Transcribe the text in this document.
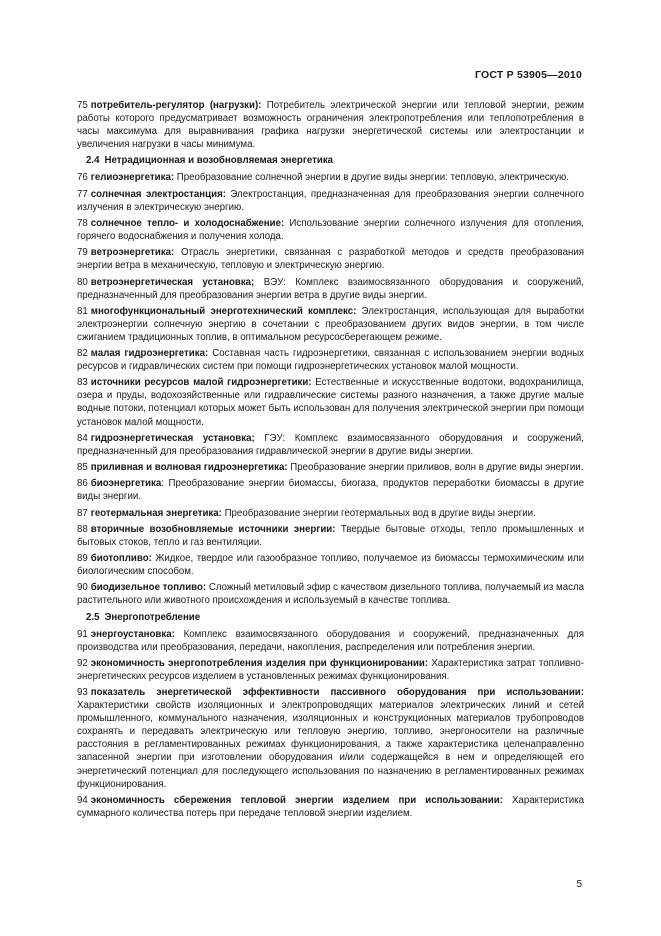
ГОСТ Р 53905—2010

75 потребитель-регулятор (нагрузки): Потребитель электрической энергии или тепловой энергии, режим работы которого предусматривает возможность ограничения электропотребления или теплопотребления в часы максимума для выравнивания графика нагрузки энергетической системы или электростанции и увеличения нагрузки в часы минимума.

2.4 Нетрадиционная и возобновляемая энергетика

76 гелиоэнергетика: Преобразование солнечной энергии в другие виды энергии: тепловую, электрическую.

77 солнечная электростанция: Электростанция, предназначенная для преобразования энергии солнечного излучения в электрическую энергию.

78 солнечное тепло- и холодоснабжение: Использование энергии солнечного излучения для отопления, горячего водоснабжения и получения холода.

79 ветроэнергетика: Отрасль энергетики, связанная с разработкой методов и средств преобразования энергии ветра в механическую, тепловую и электрическую энергию.

80 ветроэнергетическая установка; ВЭУ: Комплекс взаимосвязанного оборудования и сооружений, предназначенный для преобразования энергии ветра в другие виды энергии.

81 многофункциональный энерготехнический комплекс: Электростанция, использующая для выработки электроэнергии солнечную энергию в сочетании с преобразованием других видов энергии, в том числе сжиганием традиционных топлив, в оптимальном ресурсосберегающем режиме.

82 малая гидроэнергетика: Составная часть гидроэнергетики, связанная с использованием энергии водных ресурсов и гидравлических систем при помощи гидроэнергетических установок малой мощности.

83 источники ресурсов малой гидроэнергетики: Естественные и искусственные водотоки, водохранилища, озера и пруды, водохозяйственные или гидравлические системы разного назначения, а также другие малые водные потоки, потенциал которых может быть использован для получения электрической энергии при помощи установок малой мощности.

84 гидроэнергетическая установка; ГЭУ: Комплекс взаимосвязанного оборудования и сооружений, предназначенный для преобразования гидравлической энергии в другие виды энергии.

85 приливная и волновая гидроэнергетика: Преобразование энергии приливов, волн в другие виды энергии.

86 биоэнергетика: Преобразование энергии биомассы, биогаза, продуктов переработки биомассы в другие виды энергии.

87 геотермальная энергетика: Преобразование энергии геотермальных вод в другие виды энергии.

88 вторичные возобновляемые источники энергии: Твердые бытовые отходы, тепло промышленных и бытовых стоков, тепло и газ вентиляции.

89 биотопливо: Жидкое, твердое или газообразное топливо, получаемое из биомассы термохимическим или биологическим способом.

90 биодизельное топливо: Сложный метиловый эфир с качеством дизельного топлива, получаемый из масла растительного или животного происхождения и используемый в качестве топлива.

2.5 Энергопотребление

91 энергоустановка: Комплекс взаимосвязанного оборудования и сооружений, предназначенных для производства или преобразования, передачи, накопления, распределения или потребления энергии.

92 экономичность энергопотребления изделия при функционировании: Характеристика затрат топливно-энергетических ресурсов изделием в установленных режимах функционирования.

93 показатель энергетической эффективности пассивного оборудования при использовании: Характеристики свойств изоляционных и электропроводящих материалов электрических линий и сетей промышленного, коммунального назначения, изоляционных и конструкционных материалов трубопроводов сохранять и передавать электрическую или тепловую энергию, топливо, энергоносители на различные расстояния в регламентированных режимах функционирования, а также характеристика целенаправленно запасенной энергии при изготовлении оборудования и/или содержащейся в нем и определяющей его энергетический потенциал для последующего использования по назначению в регламентированных режимах функционирования.

94 экономичность сбережения тепловой энергии изделием при использовании: Характеристика суммарного количества потерь при передаче тепловой энергии изделием.

5
